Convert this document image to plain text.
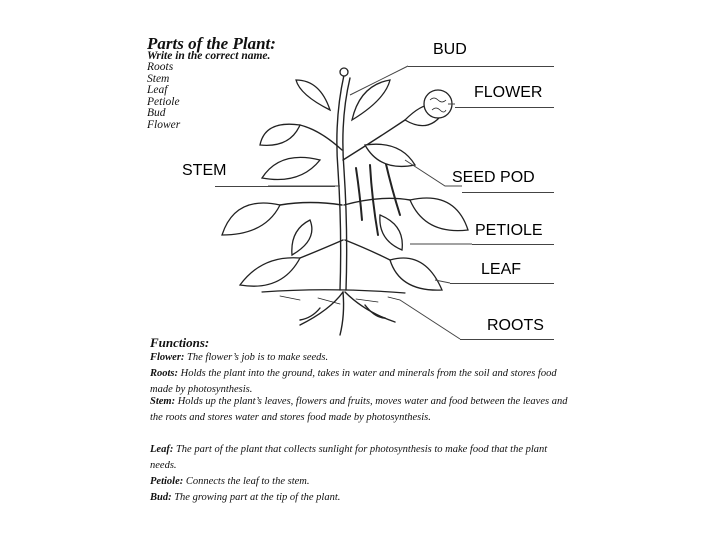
Parts of the Plant:
Write in the correct name.
Roots
Stem
Leaf
Petiole
Bud
Flower
BUD
FLOWER
STEM	SEED POD
PETIOLE
LEAF
ROOTS
Functions:
Flower: The flower’s job is to make seeds.
Roots: Holds the plant into the ground, takes in water and minerals from the soil and stores food made by photosynthesis.
Stem: Holds up the plant’s leaves, flowers and fruits, moves water and food between the leaves and the roots and stores water and stores food made by photosynthesis.
Leaf: The part of the plant that collects sunlight for photosynthesis to make food that the plant needs.
Petiole: Connects the leaf to the stem.
Bud: The growing part at the tip of the plant.
